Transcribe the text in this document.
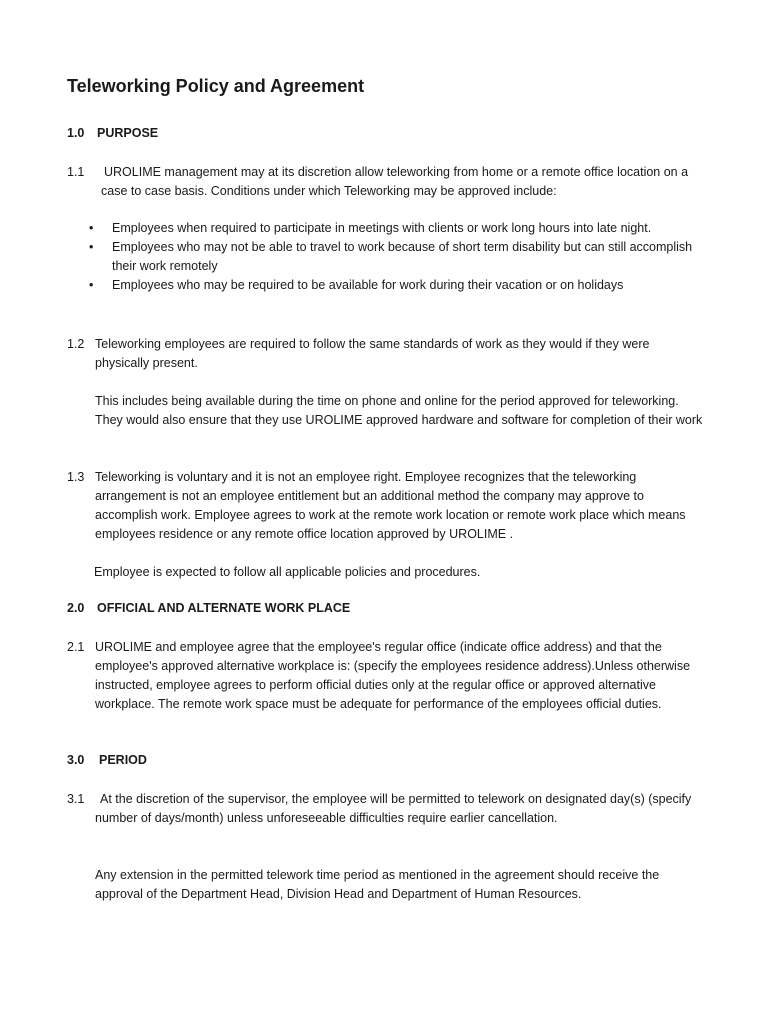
Teleworking Policy and Agreement
1.0 PURPOSE
1.1 UROLIME management may at its discretion allow teleworking from home or a remote office location on a case to case basis. Conditions under which Teleworking may be approved include:
• Employees when required to participate in meetings with clients or work long hours into late night.
• Employees who may not be able to travel to work because of short term disability but can still accomplish their work remotely
• Employees who may be required to be available for work during their vacation or on holidays
1.2 Teleworking employees are required to follow the same standards of work as they would if they were physically present.
This includes being available during the time on phone and online for the period approved for teleworking. They would also ensure that they use UROLIME approved hardware and software for completion of their work
1.3 Teleworking is voluntary and it is not an employee right. Employee recognizes that the teleworking arrangement is not an employee entitlement but an additional method the company may approve to accomplish work. Employee agrees to work at the remote work location or remote work place which means employees residence or any remote office location approved by UROLIME .
Employee is expected to follow all applicable policies and procedures.
2.0 OFFICIAL AND ALTERNATE WORK PLACE
2.1 UROLIME and employee agree that the employee's regular office (indicate office address) and that the employee's approved alternative workplace is: (specify the employees residence address).Unless otherwise instructed, employee agrees to perform official duties only at the regular office or approved alternative workplace. The remote work space must be adequate for performance of the employees official duties.
3.0 PERIOD
3.1 At the discretion of the supervisor, the employee will be permitted to telework on designated day(s) (specify number of days/month) unless unforeseeable difficulties require earlier cancellation.
Any extension in the permitted telework time period as mentioned in the agreement should receive the approval of the Department Head, Division Head and Department of Human Resources.
